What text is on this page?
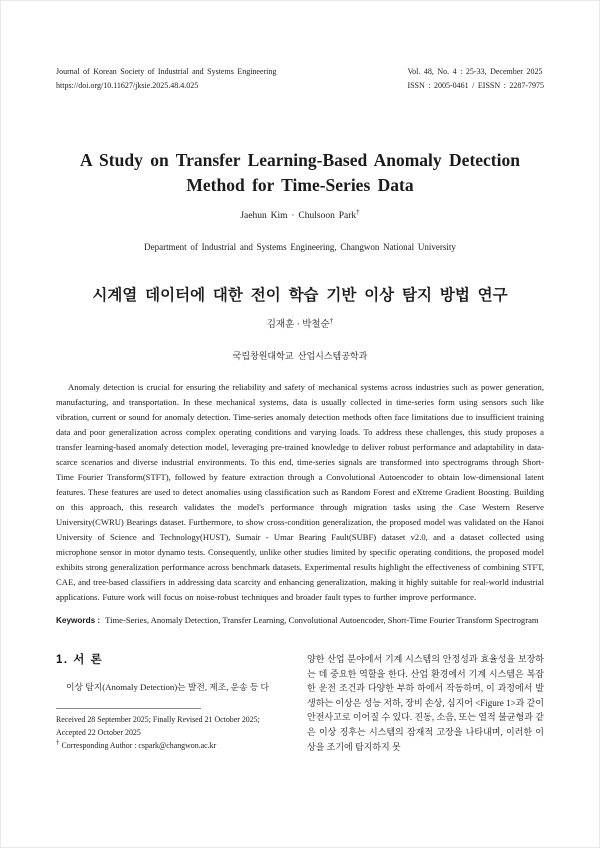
Journal of Korean Society of Industrial and Systems Engineering
https://doi.org/10.11627/jksie.2025.48.4.025
Vol. 48, No. 4 : 25-33, December 2025
ISSN : 2005-0461 / EISSN : 2287-7975
A Study on Transfer Learning-Based Anomaly Detection Method for Time-Series Data
Jaehun Kim · Chulsoon Park†
Department of Industrial and Systems Engineering, Changwon National University
시계열 데이터에 대한 전이 학습 기반 이상 탐지 방법 연구
김재훈 · 박철순†
국립창원대학교 산업시스템공학과
Anomaly detection is crucial for ensuring the reliability and safety of mechanical systems across industries such as power generation, manufacturing, and transportation. In these mechanical systems, data is usually collected in time-series form using sensors such like vibration, current or sound for anomaly detection. Time-series anomaly detection methods often face limitations due to insufficient training data and poor generalization across complex operating conditions and varying loads. To address these challenges, this study proposes a transfer learning-based anomaly detection model, leveraging pre-trained knowledge to deliver robust performance and adaptability in data-scarce scenarios and diverse industrial environments. To this end, time-series signals are transformed into spectrograms through Short-Time Fourier Transform(STFT), followed by feature extraction through a Convolutional Autoencoder to obtain low-dimensional latent features. These features are used to detect anomalies using classification such as Random Forest and eXtreme Gradient Boosting. Building on this approach, this research validates the model's performance through migration tasks using the Case Western Reserve University(CWRU) Bearings dataset. Furthermore, to show cross-condition generalization, the proposed model was validated on the Hanoi University of Science and Technology(HUST), Sumair - Umar Bearing Fault(SUBF) dataset v2.0, and a dataset collected using microphone sensor in motor dynamo tests. Consequently, unlike other studies limited by specific operating conditions, the proposed model exhibits strong generalization performance across benchmark datasets. Experimental results highlight the effectiveness of combining STFT, CAE, and tree-based classifiers in addressing data scarcity and enhancing generalization, making it highly suitable for real-world industrial applications. Future work will focus on noise-robust techniques and broader fault types to further improve performance.
Keywords : Time-Series, Anomaly Detection, Transfer Learning, Convolutional Autoencoder, Short-Time Fourier Transform Spectrogram
1. 서 론
이상 탐지(Anomaly Detection)는 발전, 제조, 운송 등 다
Received 28 September 2025; Finally Revised 21 October 2025; Accepted 22 October 2025
† Corresponding Author : cspark@changwon.ac.kr
양한 산업 분야에서 기계 시스템의 안정성과 효율성을 보장하는 데 중요한 역할을 한다. 산업 환경에서 기계 시스템은 복잡한 운전 조건과 다양한 부하 하에서 작동하며, 이 과정에서 발생하는 이상은 성능 저하, 장비 손상, 심지어 <Figure 1>과 같이 안전사고로 이어질 수 있다. 진동, 소음, 또는 열적 불균형과 같은 이상 징후는 시스템의 잠재적 고장을 나타내며, 이러한 이상을 조기에 탐지하지 못
